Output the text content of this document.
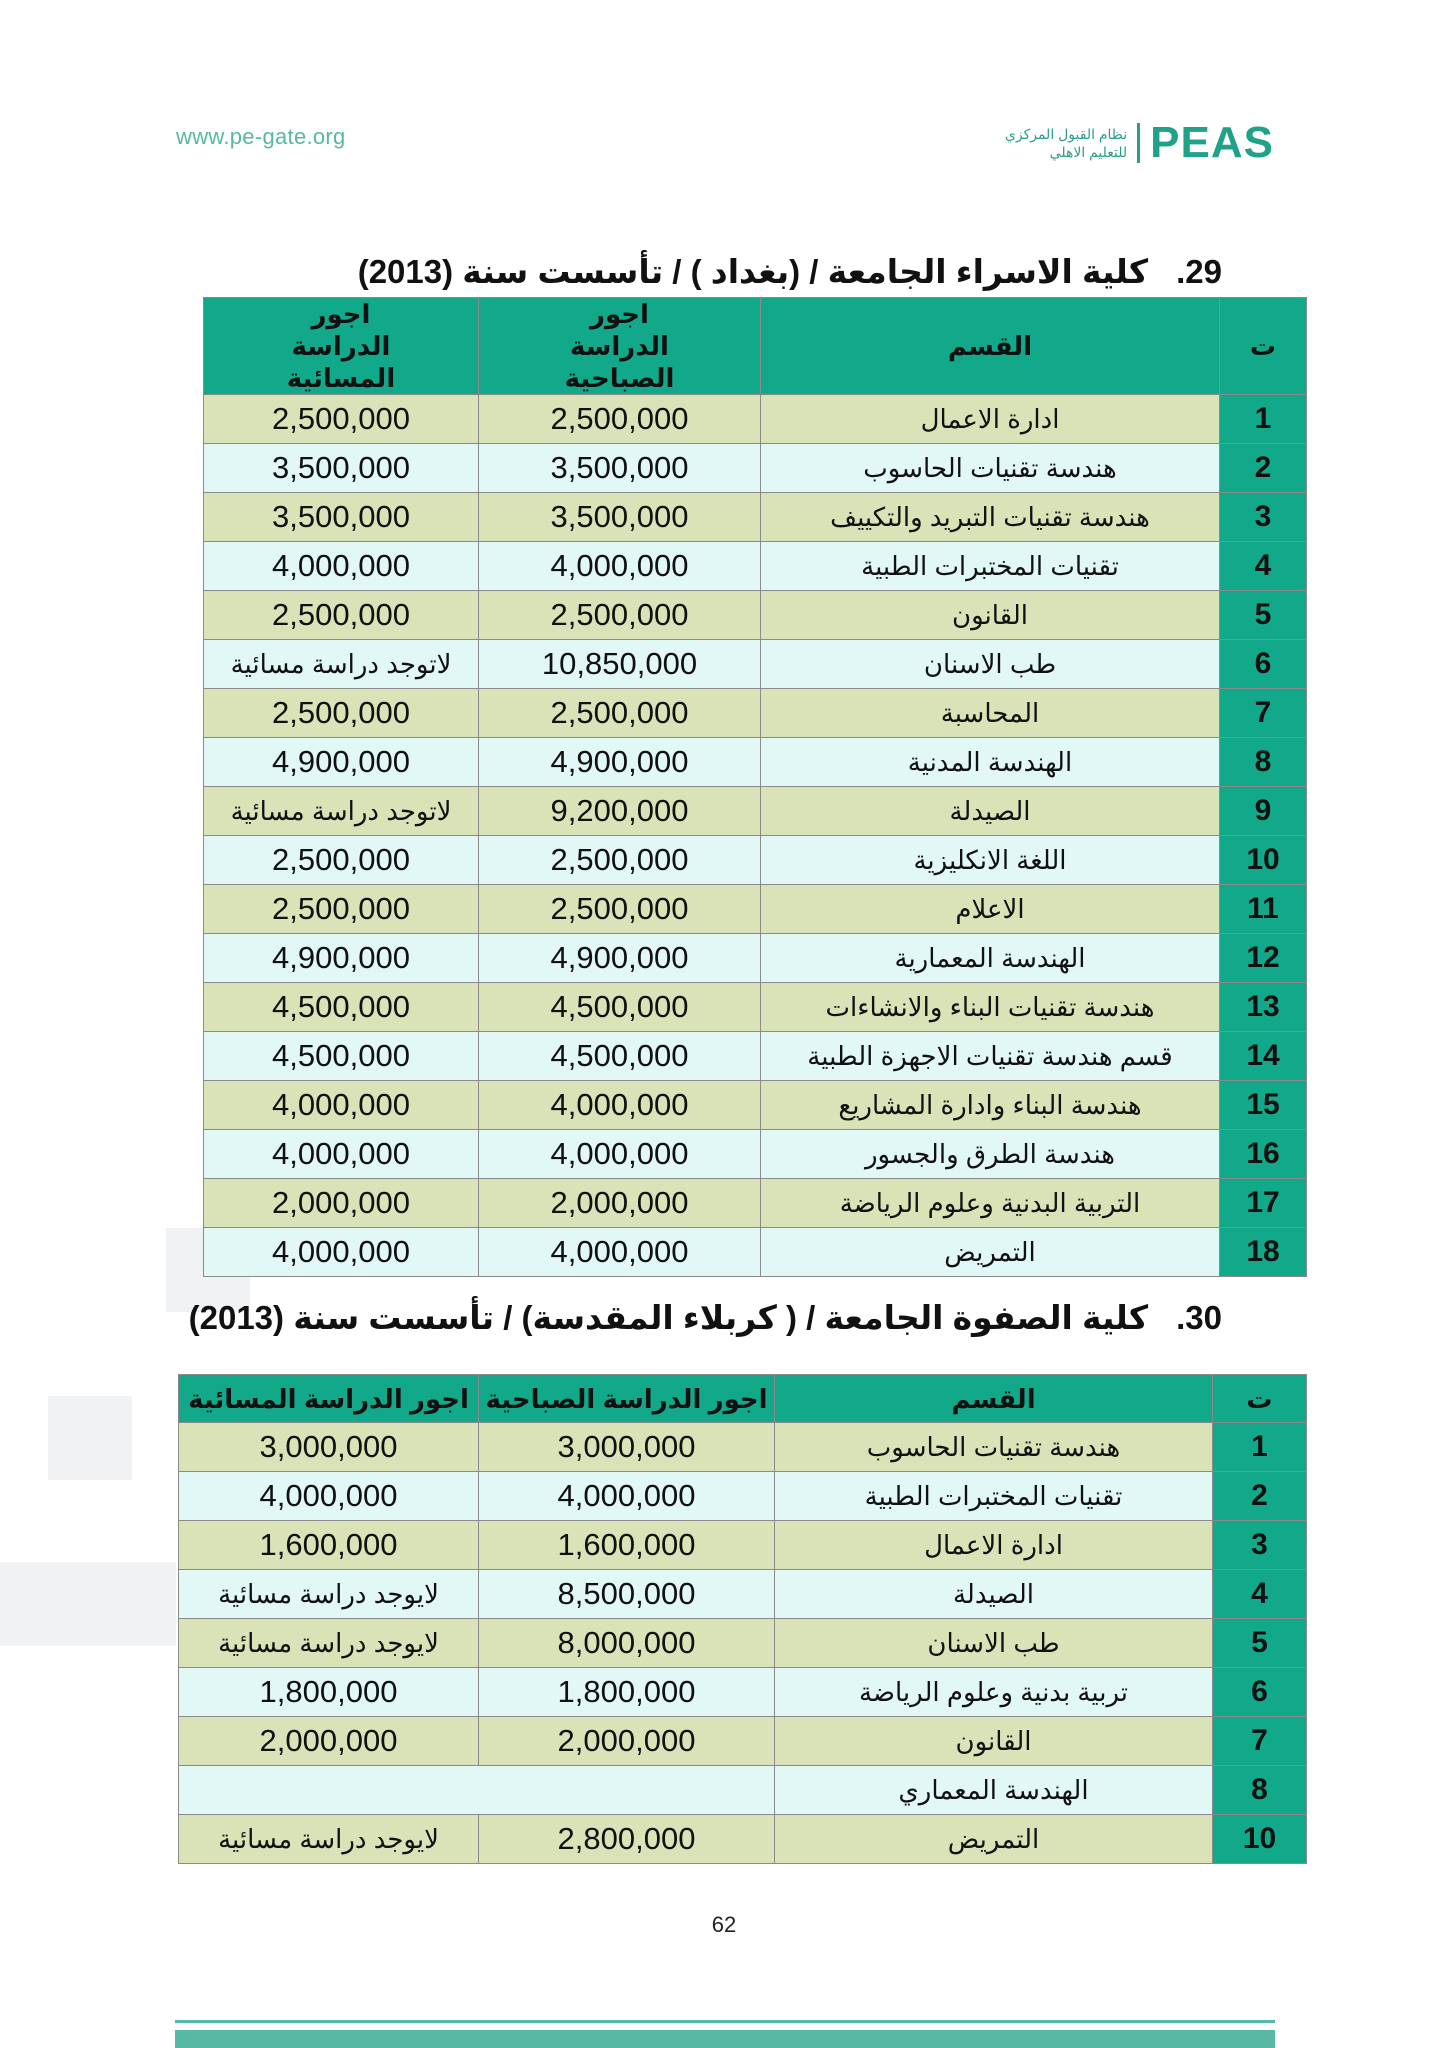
www.pe-gate.org	نظام القبول المركزي
للتعليم الاهلي PEAS
29.كلية الاسراء الجامعة / (بغداد ) / تأسست سنة (2013)
ت	القسم	اجور الدراسة الصباحية	اجور الدراسة المسائية
1	ادارة الاعمال	2,500,000	2,500,000
2	هندسة تقنيات الحاسوب	3,500,000	3,500,000
3	هندسة تقنيات التبريد والتكييف	3,500,000	3,500,000
4	تقنيات المختبرات الطبية	4,000,000	4,000,000
5	القانون	2,500,000	2,500,000
6	طب الاسنان	10,850,000	لاتوجد دراسة مسائية
7	المحاسبة	2,500,000	2,500,000
8	الهندسة المدنية	4,900,000	4,900,000
9	الصيدلة	9,200,000	لاتوجد دراسة مسائية
10	اللغة الانكليزية	2,500,000	2,500,000
11	الاعلام	2,500,000	2,500,000
12	الهندسة المعمارية	4,900,000	4,900,000
13	هندسة تقنيات البناء والانشاءات	4,500,000	4,500,000
14	قسم هندسة تقنيات الاجهزة الطبية	4,500,000	4,500,000
15	هندسة البناء وادارة المشاريع	4,000,000	4,000,000
16	هندسة الطرق والجسور	4,000,000	4,000,000
17	التربية البدنية وعلوم الرياضة	2,000,000	2,000,000
18	التمريض	4,000,000	4,000,000
30.كلية الصفوة الجامعة / ( كربلاء المقدسة) / تأسست سنة (2013)
ت	القسم	اجور الدراسة الصباحية	اجور الدراسة المسائية
1	هندسة تقنيات الحاسوب	3,000,000	3,000,000
2	تقنيات المختبرات الطبية	4,000,000	4,000,000
3	ادارة الاعمال	1,600,000	1,600,000
4	الصيدلة	8,500,000	لايوجد دراسة مسائية
5	طب الاسنان	8,000,000	لايوجد دراسة مسائية
6	تربية بدنية وعلوم الرياضة	1,800,000	1,800,000
7	القانون	2,000,000	2,000,000
8	الهندسة المعماري		
10	التمريض	2,800,000	لايوجد دراسة مسائية
62
